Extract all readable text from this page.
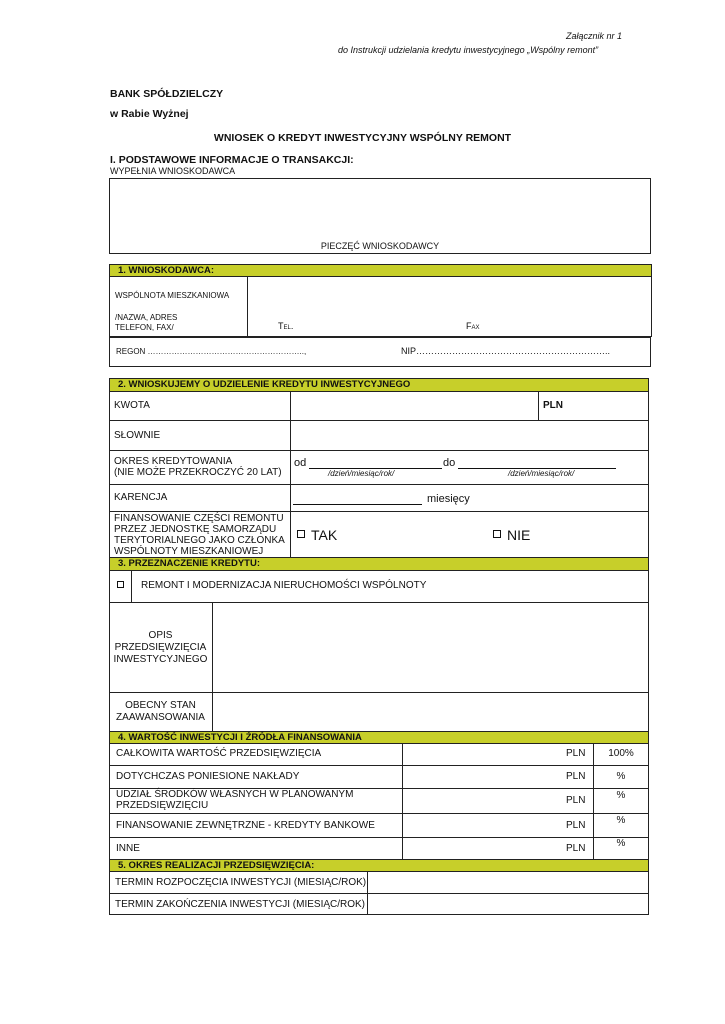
Załącznik nr 1
do Instrukcji udzielania kredytu inwestycyjnego „Wspólny remont”
BANK SPÓŁDZIELCZY
w Rabie Wyżnej
WNIOSEK O KREDYT INWESTYCYJNY WSPÓLNY REMONT
I. PODSTAWOWE INFORMACJE O TRANSAKCJI:
WYPEŁNIA WNIOSKODAWCA
PIECZĘĆ WNIOSKODAWCY
1. WNIOSKODAWCA:
WSPÓLNOTA MIESZKANIOWA
/NAZWA, ADRES
TELEFON, FAX/	Tel.	Fax
REGON …………………………………………………..,	NIP………………………………………………………..
2. WNIOSKUJEMY O UDZIELENIE KREDYTU INWESTYCYJNEGO
KWOTA	PLN
SŁOWNIE
OKRES KREDYTOWANIA
(NIE MOŻE PRZEKROCZYĆ 20 LAT)
od	do
/dzień/miesiąc/rok/	/dzień/miesiąc/rok/
KARENCJA	miesięcy
FINANSOWANIE CZĘŚCI REMONTU
PRZEZ JEDNOSTKĘ SAMORZĄDU
TERYTORIALNEGO JAKO CZŁONKA
WSPÓLNOTY MIESZKANIOWEJ
TAK	NIE
3. PRZEZNACZENIE KREDYTU:
REMONT I MODERNIZACJA NIERUCHOMOŚCI WSPÓLNOTY
OPIS
PRZEDSIĘWZIĘCIA
INWESTYCYJNEGO
OBECNY STAN
ZAAWANSOWANIA
4. WARTOŚĆ INWESTYCJI I ŹRÓDŁA FINANSOWANIA
CAŁKOWITA WARTOŚĆ PRZEDSIĘWZIĘCIA	PLN	100%
DOTYCHCZAS PONIESIONE NAKŁADY	PLN	%
UDZIAŁ ŚRODKÓW WŁASNYCH W PLANOWANYM
PRZEDSIĘWZIĘCIU	PLN	%
FINANSOWANIE ZEWNĘTRZNE - KREDYTY BANKOWE	PLN	%
INNE	PLN	%
5. OKRES REALIZACJI PRZEDSIĘWZIĘCIA:
TERMIN ROZPOCZĘCIA INWESTYCJI (MIESIĄC/ROK)
TERMIN ZAKOŃCZENIA INWESTYCJI (MIESIĄC/ROK)
